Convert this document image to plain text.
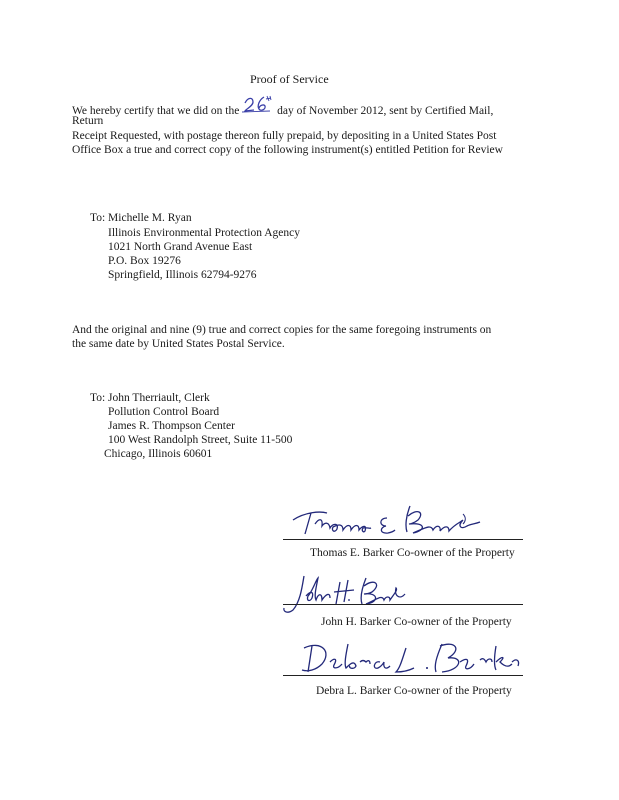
Proof of Service
We hereby certify that we did on the	day of November 2012, sent by Certified Mail,
Return
Receipt Requested, with postage thereon fully prepaid, by depositing in a United States Post
Office Box a true and correct copy of the following instrument(s) entitled Petition for Review
To: Michelle M. Ryan
Illinois Environmental Protection Agency
1021 North Grand Avenue East
P.O. Box 19276
Springfield, Illinois 62794-9276
And the original and nine (9) true and correct copies for the same foregoing instruments on
the same date by United States Postal Service.
To: John Therriault, Clerk
Pollution Control Board
James R. Thompson Center
100 West Randolph Street, Suite 11-500
Chicago, Illinois 60601
Thomas E. Barker Co-owner of the Property
John H. Barker Co-owner of the Property
Debra L. Barker Co-owner of the Property
